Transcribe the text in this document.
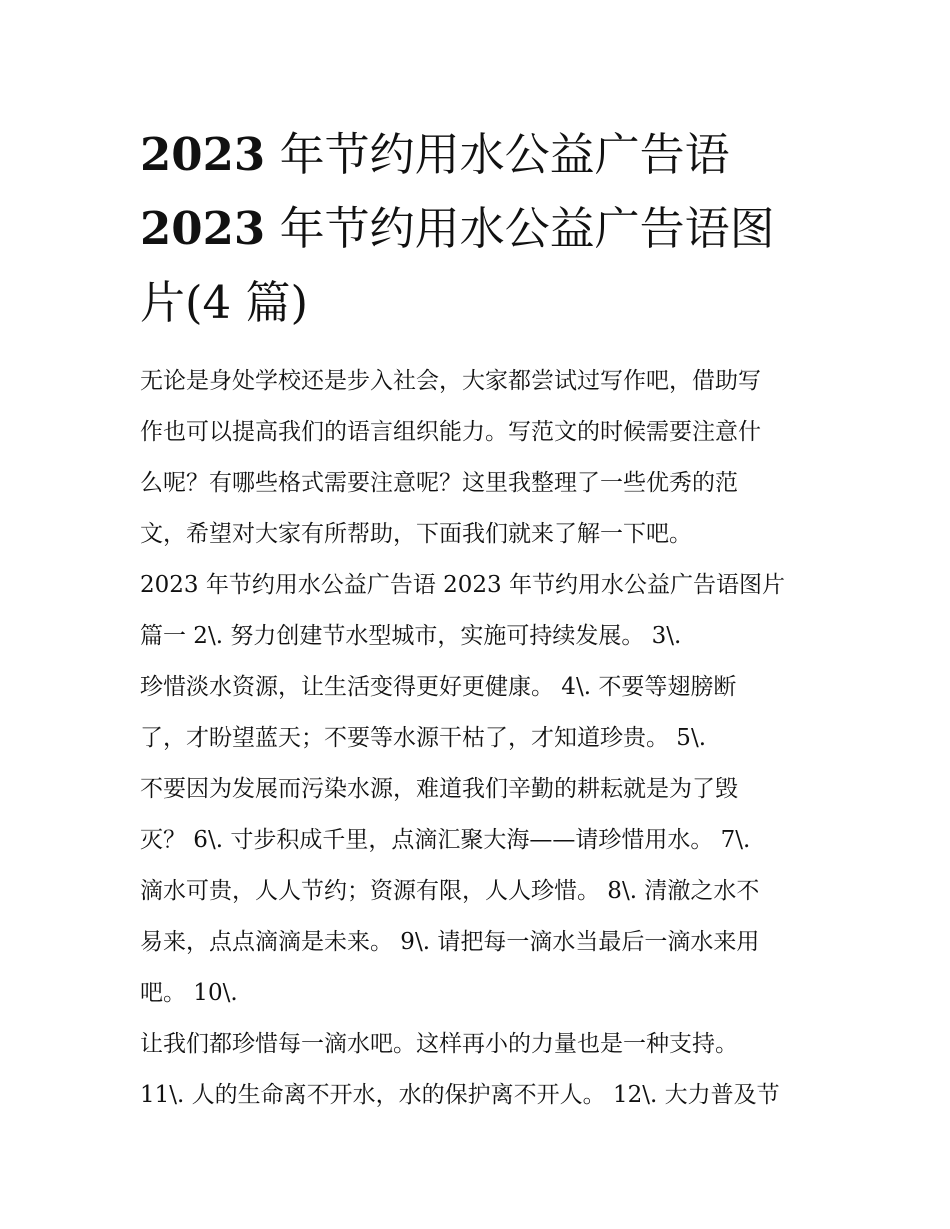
2023 年节约用水公益广告语
2023 年节约用水公益广告语图
片(4 篇)
无论是身处学校还是步入社会，大家都尝试过写作吧，借助写
作也可以提高我们的语言组织能力。写范文的时候需要注意什
么呢？有哪些格式需要注意呢？这里我整理了一些优秀的范
文，希望对大家有所帮助，下面我们就来了解一下吧。
2023 年节约用水公益广告语 2023 年节约用水公益广告语图片
篇一 2\. 努力创建节水型城市，实施可持续发展。 3\.
珍惜淡水资源，让生活变得更好更健康。 4\. 不要等翅膀断
了，才盼望蓝天；不要等水源干枯了，才知道珍贵。 5\.
不要因为发展而污染水源，难道我们辛勤的耕耘就是为了毁
灭？ 6\. 寸步积成千里，点滴汇聚大海——请珍惜用水。 7\.
滴水可贵，人人节约；资源有限，人人珍惜。 8\. 清澈之水不
易来，点点滴滴是未来。 9\. 请把每一滴水当最后一滴水来用
吧。 10\.
让我们都珍惜每一滴水吧。这样再小的力量也是一种支持。
11\. 人的生命离不开水，水的保护离不开人。 12\. 大力普及节
